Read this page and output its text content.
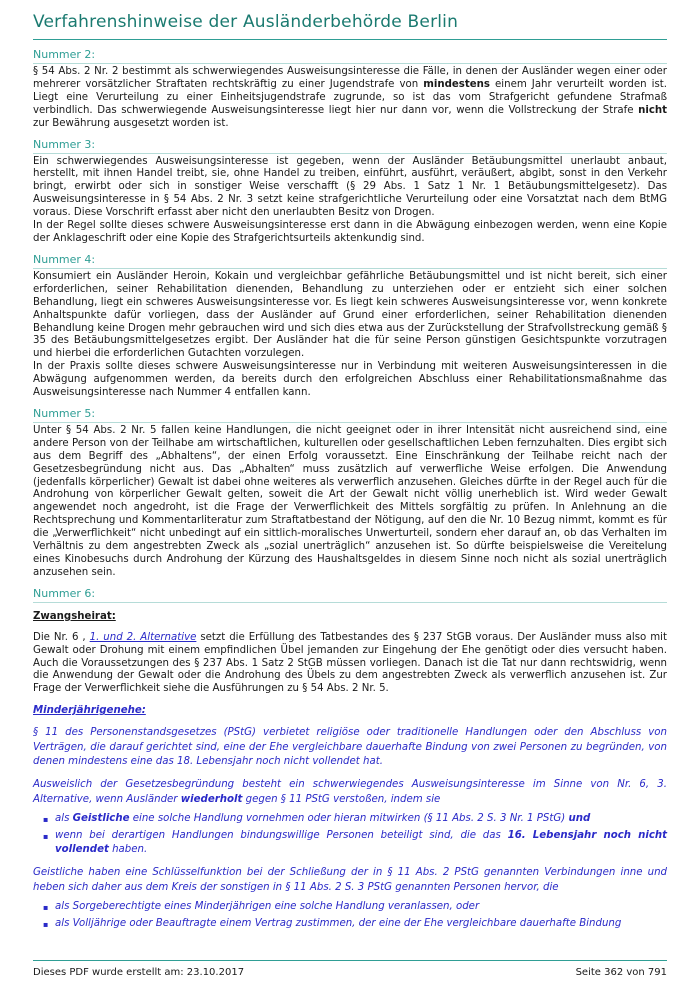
Verfahrenshinweise der Ausländerbehörde Berlin
Nummer 2:
§ 54 Abs. 2 Nr. 2 bestimmt als schwerwiegendes Ausweisungsinteresse die Fälle, in denen der Ausländer wegen einer oder mehrerer vorsätzlicher Straftaten rechtskräftig zu einer Jugendstrafe von mindestens einem Jahr verurteilt worden ist. Liegt eine Verurteilung zu einer Einheitsjugendstrafe zugrunde, so ist das vom Strafgericht gefundene Strafmaß verbindlich. Das schwerwiegende Ausweisungsinteresse liegt hier nur dann vor, wenn die Vollstreckung der Strafe nicht zur Bewährung ausgesetzt worden ist.
Nummer 3:
Ein schwerwiegendes Ausweisungsinteresse ist gegeben, wenn der Ausländer Betäubungsmittel unerlaubt anbaut, herstellt, mit ihnen Handel treibt, sie, ohne Handel zu treiben, einführt, ausführt, veräußert, abgibt, sonst in den Verkehr bringt, erwirbt oder sich in sonstiger Weise verschafft (§ 29 Abs. 1 Satz 1 Nr. 1 Betäubungsmittelgesetz). Das Ausweisungsinteresse in § 54 Abs. 2 Nr. 3 setzt keine strafgerichtliche Verurteilung oder eine Vorsatztat nach dem BtMG voraus. Diese Vorschrift erfasst aber nicht den unerlaubten Besitz von Drogen.
In der Regel sollte dieses schwere Ausweisungsinteresse erst dann in die Abwägung einbezogen werden, wenn eine Kopie der Anklageschrift oder eine Kopie des Strafgerichtsurteils aktenkundig sind.
Nummer 4:
Konsumiert ein Ausländer Heroin, Kokain und vergleichbar gefährliche Betäubungsmittel und ist nicht bereit, sich einer erforderlichen, seiner Rehabilitation dienenden, Behandlung zu unterziehen oder er entzieht sich einer solchen Behandlung, liegt ein schweres Ausweisungsinteresse vor. Es liegt kein schweres Ausweisungsinteresse vor, wenn konkrete Anhaltspunkte dafür vorliegen, dass der Ausländer auf Grund einer erforderlichen, seiner Rehabilitation dienenden Behandlung keine Drogen mehr gebrauchen wird und sich dies etwa aus der Zurückstellung der Strafvollstreckung gemäß § 35 des Betäubungsmittelgesetzes ergibt. Der Ausländer hat die für seine Person günstigen Gesichtspunkte vorzutragen und hierbei die erforderlichen Gutachten vorzulegen.
In der Praxis sollte dieses schwere Ausweisungsinteresse nur in Verbindung mit weiteren Ausweisungsinteressen in die Abwägung aufgenommen werden, da bereits durch den erfolgreichen Abschluss einer Rehabilitationsmaßnahme das Ausweisungsinteresse nach Nummer 4 entfallen kann.
Nummer 5:
Unter § 54 Abs. 2 Nr. 5 fallen keine Handlungen, die nicht geeignet oder in ihrer Intensität nicht ausreichend sind, eine andere Person von der Teilhabe am wirtschaftlichen, kulturellen oder gesellschaftlichen Leben fernzuhalten. Dies ergibt sich aus dem Begriff des „Abhaltens“, der einen Erfolg voraussetzt. Eine Einschränkung der Teilhabe reicht nach der Gesetzesbegründung nicht aus. Das „Abhalten“ muss zusätzlich auf verwerfliche Weise erfolgen. Die Anwendung (jedenfalls körperlicher) Gewalt ist dabei ohne weiteres als verwerflich anzusehen. Gleiches dürfte in der Regel auch für die Androhung von körperlicher Gewalt gelten, soweit die Art der Gewalt nicht völlig unerheblich ist. Wird weder Gewalt angewendet noch angedroht, ist die Frage der Verwerflichkeit des Mittels sorgfältig zu prüfen. In Anlehnung an die Rechtsprechung und Kommentarliteratur zum Straftatbestand der Nötigung, auf den die Nr. 10 Bezug nimmt, kommt es für die „Verwerflichkeit“ nicht unbedingt auf ein sittlich-moralisches Unwerturteil, sondern eher darauf an, ob das Verhalten im Verhältnis zu dem angestrebten Zweck als „sozial unerträglich“ anzusehen ist. So dürfte beispielsweise die Vereitelung eines Kinobesuchs durch Androhung der Kürzung des Haushaltsgeldes in diesem Sinne noch nicht als sozial unerträglich anzusehen sein.
Nummer 6:
Zwangsheirat:
Die Nr. 6 , 1. und 2. Alternative setzt die Erfüllung des Tatbestandes des § 237 StGB voraus. Der Ausländer muss also mit Gewalt oder Drohung mit einem empfindlichen Übel jemanden zur Eingehung der Ehe genötigt oder dies versucht haben. Auch die Voraussetzungen des § 237 Abs. 1 Satz 2 StGB müssen vorliegen. Danach ist die Tat nur dann rechtswidrig, wenn die Anwendung der Gewalt oder die Androhung des Übels zu dem angestrebten Zweck als verwerflich anzusehen ist. Zur Frage der Verwerflichkeit siehe die Ausführungen zu § 54 Abs. 2 Nr. 5.
Minderjährigenehe:
§ 11 des Personenstandsgesetzes (PStG) verbietet religiöse oder traditionelle Handlungen oder den Abschluss von Verträgen, die darauf gerichtet sind, eine der Ehe vergleichbare dauerhafte Bindung von zwei Personen zu begründen, von denen mindestens eine das 18. Lebensjahr noch nicht vollendet hat.
Ausweislich der Gesetzesbegründung besteht ein schwerwiegendes Ausweisungsinteresse im Sinne von Nr. 6, 3. Alternative, wenn Ausländer wiederholt gegen § 11 PStG verstoßen, indem sie
▪ als Geistliche eine solche Handlung vornehmen oder hieran mitwirken (§ 11 Abs. 2 S. 3 Nr. 1 PStG) und
▪ wenn bei derartigen Handlungen bindungswillige Personen beteiligt sind, die das 16. Lebensjahr noch nicht vollendet haben.
Geistliche haben eine Schlüsselfunktion bei der Schließung der in § 11 Abs. 2 PStG genannten Verbindungen inne und heben sich daher aus dem Kreis der sonstigen in § 11 Abs. 2 S. 3 PStG genannten Personen hervor, die
▪ als Sorgeberechtigte eines Minderjährigen eine solche Handlung veranlassen, oder
▪ als Volljährige oder Beauftragte einem Vertrag zustimmen, der eine der Ehe vergleichbare dauerhafte Bindung
Dieses PDF wurde erstellt am: 23.10.2017	Seite 362 von 791
